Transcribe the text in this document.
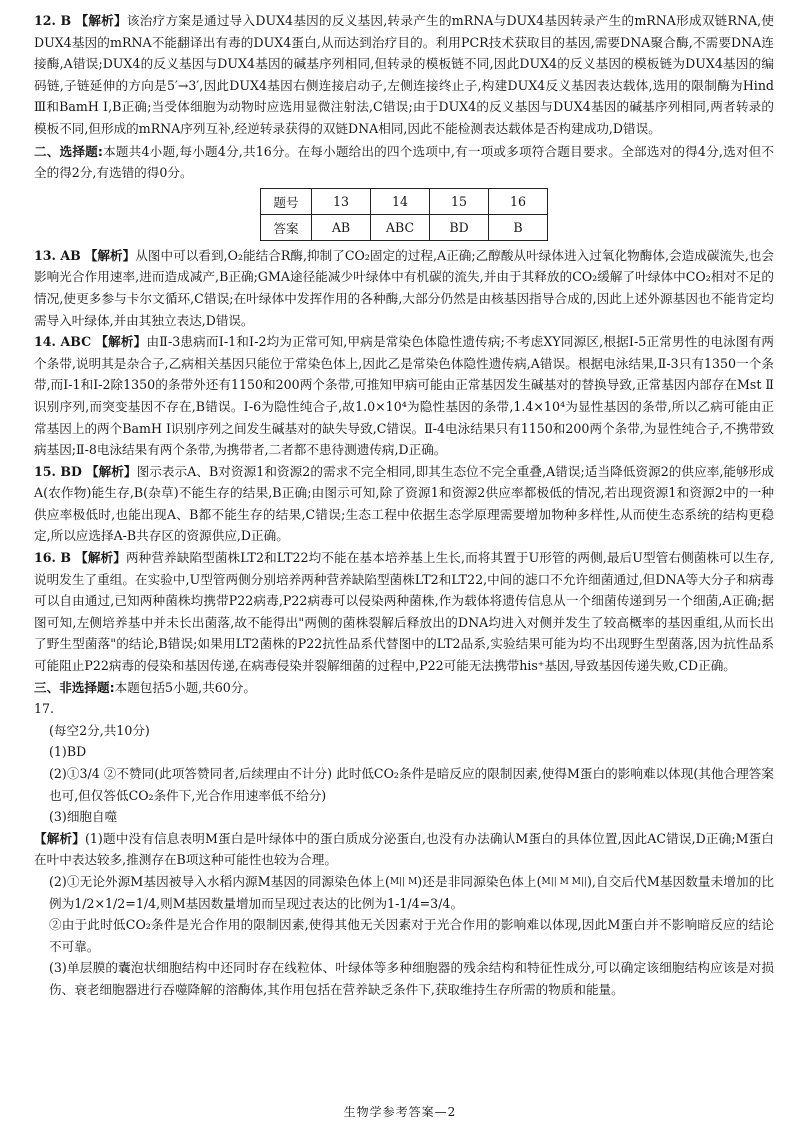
12. B 【解析】该治疗方案是通过导入DUX4基因的反义基因,转录产生的mRNA与DUX4基因转录产生的mRNA形成双链RNA,使DUX4基因的mRNA不能翻译出有毒的DUX4蛋白,从而达到治疗目的。利用PCR技术获取目的基因,需要DNA聚合酶,不需要DNA连接酶,A错误;DUX4的反义基因与DUX4基因的碱基序列相同,但转录的模板链不同,因此DUX4的反义基因的模板链为DUX4基因的编码链,子链延伸的方向是5′→3′,因此DUX4基因右侧连接启动子,左侧连接终止子,构建DUX4反义基因表达载体,选用的限制酶为Hind Ⅲ和BamH Ⅰ,B正确;当受体细胞为动物时应选用显微注射法,C错误;由于DUX4的反义基因与DUX4基因的碱基序列相同,两者转录的模板不同,但形成的mRNA序列互补,经逆转录获得的双链DNA相同,因此不能检测表达载体是否构建成功,D错误。

二、选择题:本题共4小题,每小题4分,共16分。在每小题给出的四个选项中,有一项或多项符合题目要求。全部选对的得4分,选对但不全的得2分,有选错的得0分。

题号	13	14	15	16
答案	AB	ABC	BD	B

13. AB 【解析】从图中可以看到,O₂能结合R酶,抑制了CO₂固定的过程,A正确;乙醇酸从叶绿体进入过氧化物酶体,会造成碳流失,也会影响光合作用速率,进而造成减产,B正确;GMA途径能减少叶绿体中有机碳的流失,并由于其释放的CO₂缓解了叶绿体中CO₂相对不足的情况,使更多参与卡尔文循环,C错误;在叶绿体中发挥作用的各种酶,大部分仍然是由核基因指导合成的,因此上述外源基因也不能肯定均需导入叶绿体,并由其独立表达,D错误。

14. ABC 【解析】由Ⅱ-3患病而Ⅰ-1和Ⅰ-2均为正常可知,甲病是常染色体隐性遗传病;不考虑XY同源区,根据Ⅰ-5正常男性的电泳图有两个条带,说明其是杂合子,乙病相关基因只能位于常染色体上,因此乙是常染色体隐性遗传病,A错误。根据电泳结果,Ⅱ-3只有1350一个条带,而Ⅰ-1和Ⅰ-2除1350的条带外还有1150和200两个条带,可推知甲病可能由正常基因发生碱基对的替换导致,正常基因内部存在Mst Ⅱ识别序列,而突变基因不存在,B错误。Ⅰ-6为隐性纯合子,故1.0×10⁴为隐性基因的条带,1.4×10⁴为显性基因的条带,所以乙病可能由正常基因上的两个BamH Ⅰ识别序列之间发生碱基对的缺失导致,C错误。Ⅱ-4电泳结果只有1150和200两个条带,为显性纯合子,不携带致病基因;Ⅱ-8电泳结果有两个条带,为携带者,二者都不患待测遗传病,D正确。

15. BD 【解析】图示表示A、B对资源1和资源2的需求不完全相同,即其生态位不完全重叠,A错误;适当降低资源2的供应率,能够形成A(农作物)能生存,B(杂草)不能生存的结果,B正确;由图示可知,除了资源1和资源2供应率都极低的情况,若出现资源1和资源2中的一种供应率极低时,也能出现A、B都不能生存的结果,C错误;生态工程中依据生态学原理需要增加物种多样性,从而使生态系统的结构更稳定,所以应选择A-B共存区的资源供应,D正确。

16. B 【解析】两种营养缺陷型菌株LT2和LT22均不能在基本培养基上生长,而将其置于U形管的两侧,最后U型管右侧菌株可以生存,说明发生了重组。在实验中,U型管两侧分别培养两种营养缺陷型菌株LT2和LT22,中间的滤口不允许细菌通过,但DNA等大分子和病毒可以自由通过,已知两种菌株均携带P22病毒,P22病毒可以侵染两种菌株,作为载体将遗传信息从一个细菌传递到另一个细菌,A正确;据图可知,左侧培养基中并未长出菌落,故不能得出"两侧的菌株裂解后释放出的DNA均进入对侧并发生了较高概率的基因重组,从而长出了野生型菌落"的结论,B错误;如果用LT2菌株的P22抗性品系代替图中的LT2品系,实验结果可能为均不出现野生型菌落,因为抗性品系可能阻止P22病毒的侵染和基因传递,在病毒侵染并裂解细菌的过程中,P22可能无法携带his⁺基因,导致基因传递失败,CD正确。

三、非选择题:本题包括5小题,共60分。

17.

(每空2分,共10分)

(1)BD

(2)①3/4 ②不赞同(此项答赞同者,后续理由不计分) 此时低CO₂条件是暗反应的限制因素,使得M蛋白的影响难以体现(其他合理答案也可,但仅答低CO₂条件下,光合作用速率低不给分)

(3)细胞自噬

【解析】(1)题中没有信息表明M蛋白是叶绿体中的蛋白质成分泌蛋白,也没有办法确认M蛋白的具体位置,因此AC错误,D正确;M蛋白在叶中表达较多,推测存在B项这种可能性也较为合理。

(2)①无论外源M基因被导入水稻内源M基因的同源染色体上(M|| M)还是非同源染色体上(M|| M M||),自交后代M基因数量未增加的比例为1/2×1/2=1/4,则M基因数量增加而呈现过表达的比例为1-1/4=3/4。

②由于此时低CO₂条件是光合作用的限制因素,使得其他无关因素对于光合作用的影响难以体现,因此M蛋白并不影响暗反应的结论不可靠。

(3)单层膜的囊泡状细胞结构中还同时存在线粒体、叶绿体等多种细胞器的残余结构和特征性成分,可以确定该细胞结构应该是对损伤、衰老细胞器进行吞噬降解的溶酶体,其作用包括在营养缺乏条件下,获取维持生存所需的物质和能量。

生物学参考答案—2
